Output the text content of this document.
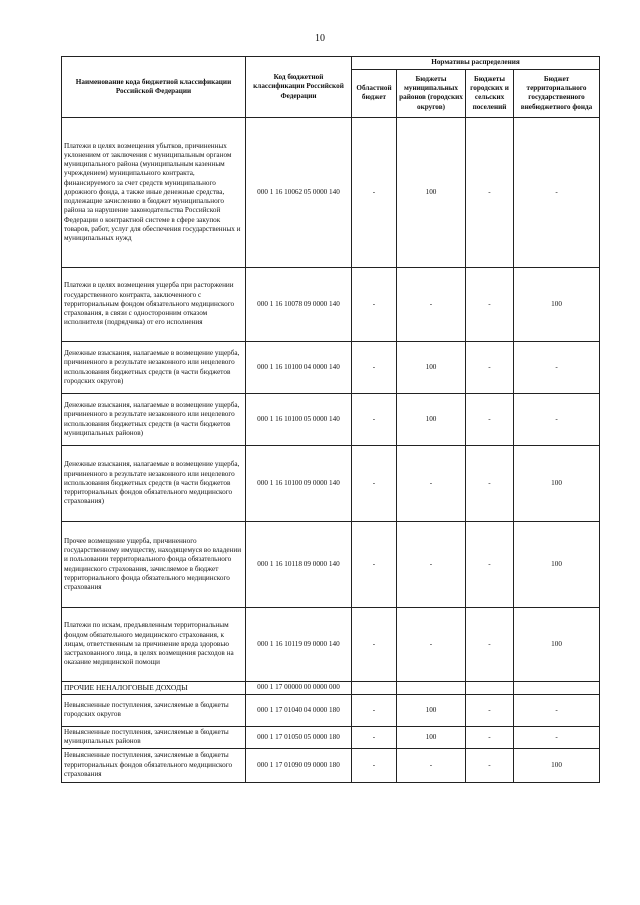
10
Наименование кода бюджетной классификации Российской Федерации	Код бюджетной классификации Российской Федерации	Нормативы распределения			
		Областной бюджет	Бюджеты муниципальных районов (городских округов)	Бюджеты городских и сельских поселений	Бюджет территориального государственного внебюджетного фонда
Платежи в целях возмещения убытков, причиненных уклонением от заключения с муниципальным органом муниципального района (муниципальным казенным учреждением) муниципального контракта, финансируемого за счет средств муниципального дорожного фонда, а также иные денежные средства, подлежащие зачислению в бюджет муниципального района за нарушение законодательства Российской Федерации о контрактной системе в сфере закупок товаров, работ, услуг для обеспечения государственных и муниципальных нужд	000 1 16 10062 05 0000 140	-	100	-	-
Платежи в целях возмещения ущерба при расторжении государственного контракта, заключенного с территориальным фондом обязательного медицинского страхования, в связи с односторонним отказом исполнителя (подрядчика) от его исполнения	000 1 16 10078 09 0000 140	-	-	-	100
Денежные взыскания, налагаемые в возмещение ущерба, причиненного в результате незаконного или нецелевого использования бюджетных средств (в части бюджетов городских округов)	000 1 16 10100 04 0000 140	-	100	-	-
Денежные взыскания, налагаемые в возмещение ущерба, причиненного в результате незаконного или нецелевого использования бюджетных средств (в части бюджетов муниципальных районов)	000 1 16 10100 05 0000 140	-	100	-	-
Денежные взыскания, налагаемые в возмещение ущерба, причиненного в результате незаконного или нецелевого использования бюджетных средств (в части бюджетов территориальных фондов обязательного медицинского страхования)	000 1 16 10100 09 0000 140	-	-	-	100
Прочее возмещение ущерба, причиненного государственному имуществу, находящемуся во владении и пользовании территориального фонда обязательного медицинского страхования, зачисляемое в бюджет территориального фонда обязательного медицинского страхования	000 1 16 10118 09 0000 140	-	-	-	100
Платежи по искам, предъявленным территориальным фондом обязательного медицинского страхования, к лицам, ответственным за причинение вреда здоровью застрахованного лица, в целях возмещения расходов на оказание медицинской помощи	000 1 16 10119 09 0000 140	-	-	-	100
ПРОЧИЕ НЕНАЛОГОВЫЕ ДОХОДЫ	000 1 17 00000 00 0000 000				
Невыясненные поступления, зачисляемые в бюджеты городских округов	000 1 17 01040 04 0000 180	-	100	-	-
Невыясненные поступления, зачисляемые в бюджеты муниципальных районов	000 1 17 01050 05 0000 180	-	100	-	-
Невыясненные поступления, зачисляемые в бюджеты территориальных фондов обязательного медицинского страхования	000 1 17 01090 09 0000 180	-	-	-	100
